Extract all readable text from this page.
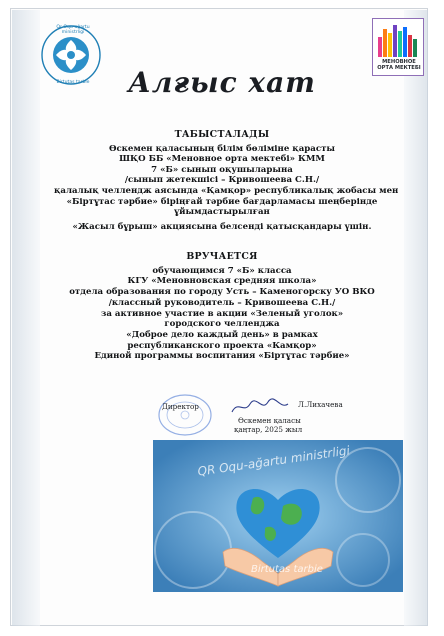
Qr Oqu-ağartu ministrligi
Birtutas tarbie
МЕНОВНОЕ
ОРТА МЕКТЕБІ
Алғыс хат
ТАБЫСТАЛАДЫ
Өскемен қаласының білім бөліміне қарасты
ШҚО ББ «Меновное орта мектебі» КММ
7 «Б» сынып оқушыларына
/сынып жетекшісі – Кривошеева С.Н./
қалалық челлендж аясында «Қамқор» республикалық жобасы мен
«Біртұтас тәрбие» біріңғай тәрбие бағдарламасы шеңберінде
ұйымдастырылған
«Жасыл бұрыш» акциясына белсенді қатысқандары үшін.
ВРУЧАЕТСЯ
обучающимся 7 «Б» класса
КГУ «Меновновская средняя школа»
отдела образования по городу Усть – Каменогорску УО ВКО
/классный руководитель – Кривошеева С.Н./
за активное участие в акции «Зеленый уголок»
городского челленджа
«Доброе дело каждый день» в рамках
республиканского проекта «Камқор»
Единой программы воспитания «Біртұтас тәрбие»
Директор	Л.Лихачева
Өскемен қаласы
қаңтар, 2025 жыл
QR Oqu-ağartu ministrligi
Birtutas tarbie
